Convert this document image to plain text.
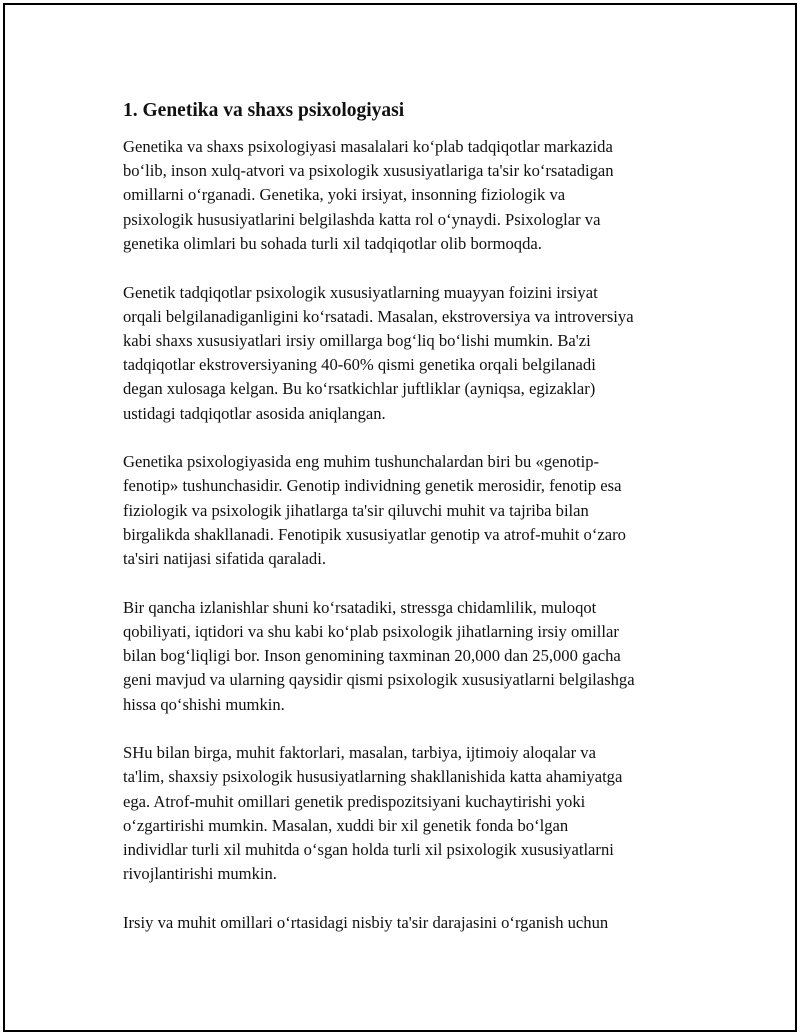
1. Genetika va shaxs psixologiyasi
Genetika va shaxs psixologiyasi masalalari ko‘plab tadqiqotlar markazida
bo‘lib, inson xulq-atvori va psixologik xususiyatlariga ta'sir ko‘rsatadigan
omillarni o‘rganadi. Genetika, yoki irsiyat, insonning fiziologik va
psixologik hususiyatlarini belgilashda katta rol o‘ynaydi. Psixologlar va
genetika olimlari bu sohada turli xil tadqiqotlar olib bormoqda.
Genetik tadqiqotlar psixologik xususiyatlarning muayyan foizini irsiyat
orqali belgilanadiganligini ko‘rsatadi. Masalan, ekstroversiya va introversiya
kabi shaxs xususiyatlari irsiy omillarga bog‘liq bo‘lishi mumkin. Ba'zi
tadqiqotlar ekstroversiyaning 40-60% qismi genetika orqali belgilanadi
degan xulosaga kelgan. Bu ko‘rsatkichlar juftliklar (ayniqsa, egizaklar)
ustidagi tadqiqotlar asosida aniqlangan.
Genetika psixologiyasida eng muhim tushunchalardan biri bu «genotip-
fenotip» tushunchasidir. Genotip individning genetik merosidir, fenotip esa
fiziologik va psixologik jihatlarga ta'sir qiluvchi muhit va tajriba bilan
birgalikda shakllanadi. Fenotipik xususiyatlar genotip va atrof-muhit o‘zaro
ta'siri natijasi sifatida qaraladi.
Bir qancha izlanishlar shuni ko‘rsatadiki, stressga chidamlilik, muloqot
qobiliyati, iqtidori va shu kabi ko‘plab psixologik jihatlarning irsiy omillar
bilan bog‘liqligi bor. Inson genomining taxminan 20,000 dan 25,000 gacha
geni mavjud va ularning qaysidir qismi psixologik xususiyatlarni belgilashga
hissa qo‘shishi mumkin.
SHu bilan birga, muhit faktorlari, masalan, tarbiya, ijtimoiy aloqalar va
ta'lim, shaxsiy psixologik hususiyatlarning shakllanishida katta ahamiyatga
ega. Atrof-muhit omillari genetik predispozitsiyani kuchaytirishi yoki
o‘zgartirishi mumkin. Masalan, xuddi bir xil genetik fonda bo‘lgan
individlar turli xil muhitda o‘sgan holda turli xil psixologik xususiyatlarni
rivojlantirishi mumkin.
Irsiy va muhit omillari o‘rtasidagi nisbiy ta'sir darajasini o‘rganish uchun
